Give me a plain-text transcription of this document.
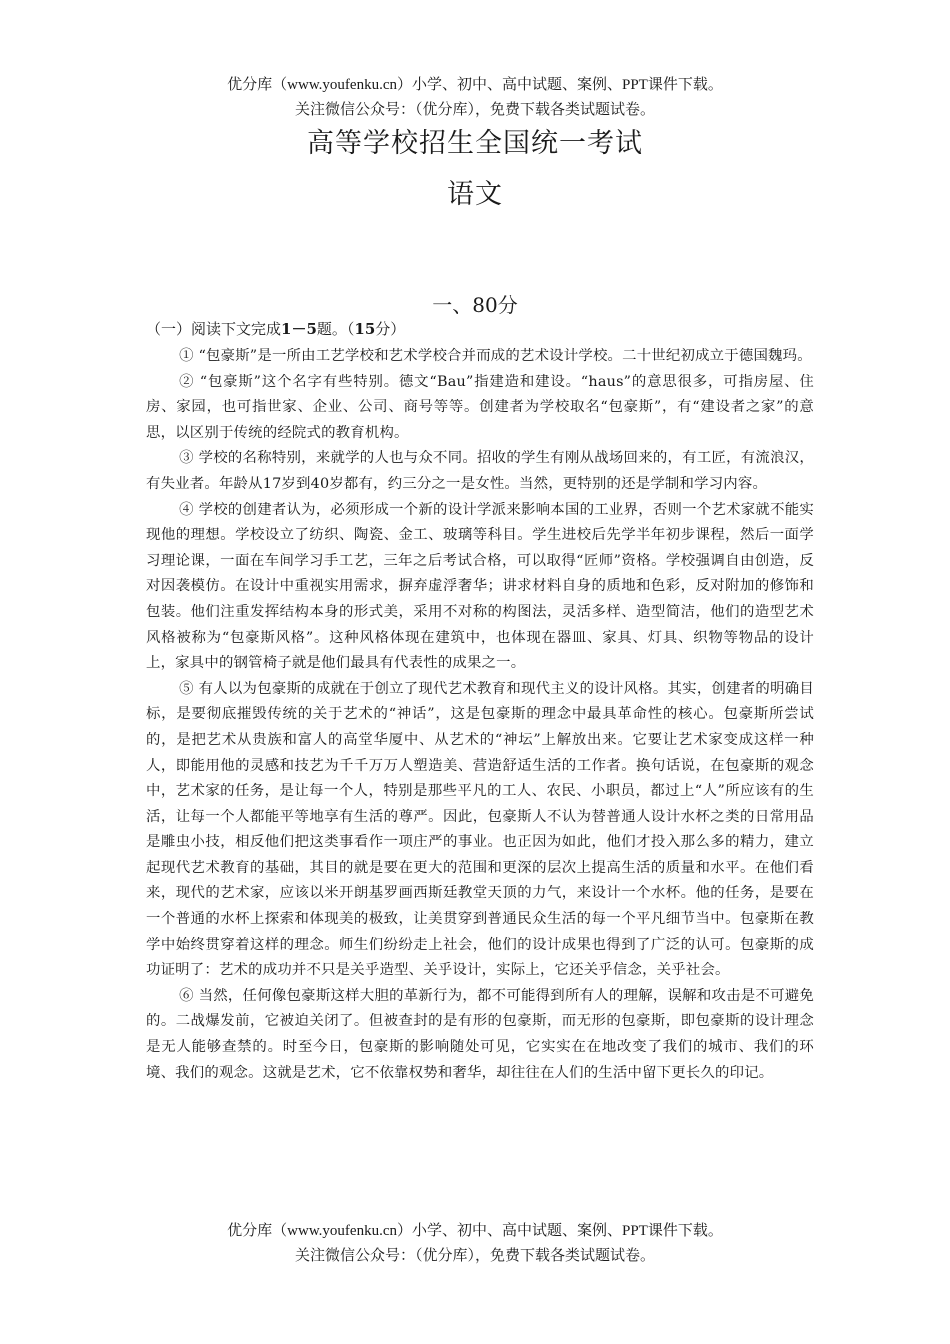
优分库（www.youfenku.cn）小学、初中、高中试题、案例、PPT课件下载。
关注微信公众号：（优分库），免费下载各类试题试卷。
高等学校招生全国统一考试
语文
一、80分
（一）阅读下文完成1－5题。（15分）

① “包豪斯”是一所由工艺学校和艺术学校合并而成的艺术设计学校。二十世纪初成立于德国魏玛。

② “包豪斯”这个名字有些特别。德文“Bau”指建造和建设。“haus”的意思很多，可指房屋、住房、家园，也可指世家、企业、公司、商号等等。创建者为学校取名“包豪斯”，有“建设者之家”的意思，以区别于传统的经院式的教育机构。

③ 学校的名称特别，来就学的人也与众不同。招收的学生有刚从战场回来的，有工匠，有流浪汉，有失业者。年龄从17岁到40岁都有，约三分之一是女性。当然，更特别的还是学制和学习内容。

④ 学校的创建者认为，必须形成一个新的设计学派来影响本国的工业界，否则一个艺术家就不能实现他的理想。学校设立了纺织、陶瓷、金工、玻璃等科目。学生进校后先学半年初步课程，然后一面学习理论课，一面在车间学习手工艺，三年之后考试合格，可以取得“匠师”资格。学校强调自由创造，反对因袭模仿。在设计中重视实用需求，摒弃虚浮奢华；讲求材料自身的质地和色彩，反对附加的修饰和包装。他们注重发挥结构本身的形式美，采用不对称的构图法，灵活多样、造型简洁，他们的造型艺术风格被称为“包豪斯风格”。这种风格体现在建筑中，也体现在器皿、家具、灯具、织物等物品的设计上，家具中的钢管椅子就是他们最具有代表性的成果之一。

⑤ 有人以为包豪斯的成就在于创立了现代艺术教育和现代主义的设计风格。其实，创建者的明确目标，是要彻底摧毁传统的关于艺术的“神话”，这是包豪斯的理念中最具革命性的核心。包豪斯所尝试的，是把艺术从贵族和富人的高堂华厦中、从艺术的“神坛”上解放出来。它要让艺术家变成这样一种人，即能用他的灵感和技艺为千千万万人塑造美、营造舒适生活的工作者。换句话说，在包豪斯的观念中，艺术家的任务，是让每一个人，特别是那些平凡的工人、农民、小职员，都过上“人”所应该有的生活，让每一个人都能平等地享有生活的尊严。因此，包豪斯人不认为替普通人设计水杯之类的日常用品是雕虫小技，相反他们把这类事看作一项庄严的事业。也正因为如此，他们才投入那么多的精力，建立起现代艺术教育的基础，其目的就是要在更大的范围和更深的层次上提高生活的质量和水平。在他们看来，现代的艺术家，应该以米开朗基罗画西斯廷教堂天顶的力气，来设计一个水杯。他的任务，是要在一个普通的水杯上探索和体现美的极致，让美贯穿到普通民众生活的每一个平凡细节当中。包豪斯在教学中始终贯穿着这样的理念。师生们纷纷走上社会，他们的设计成果也得到了广泛的认可。包豪斯的成功证明了：艺术的成功并不只是关乎造型、关乎设计，实际上，它还关乎信念，关乎社会。

⑥ 当然，任何像包豪斯这样大胆的革新行为，都不可能得到所有人的理解，误解和攻击是不可避免的。二战爆发前，它被迫关闭了。但被查封的是有形的包豪斯，而无形的包豪斯，即包豪斯的设计理念是无人能够查禁的。时至今日，包豪斯的影响随处可见，它实实在在地改变了我们的城市、我们的环境、我们的观念。这就是艺术，它不依靠权势和奢华，却往往在人们的生活中留下更长久的印记。

优分库（www.youfenku.cn）小学、初中、高中试题、案例、PPT课件下载。
关注微信公众号：（优分库），免费下载各类试题试卷。
